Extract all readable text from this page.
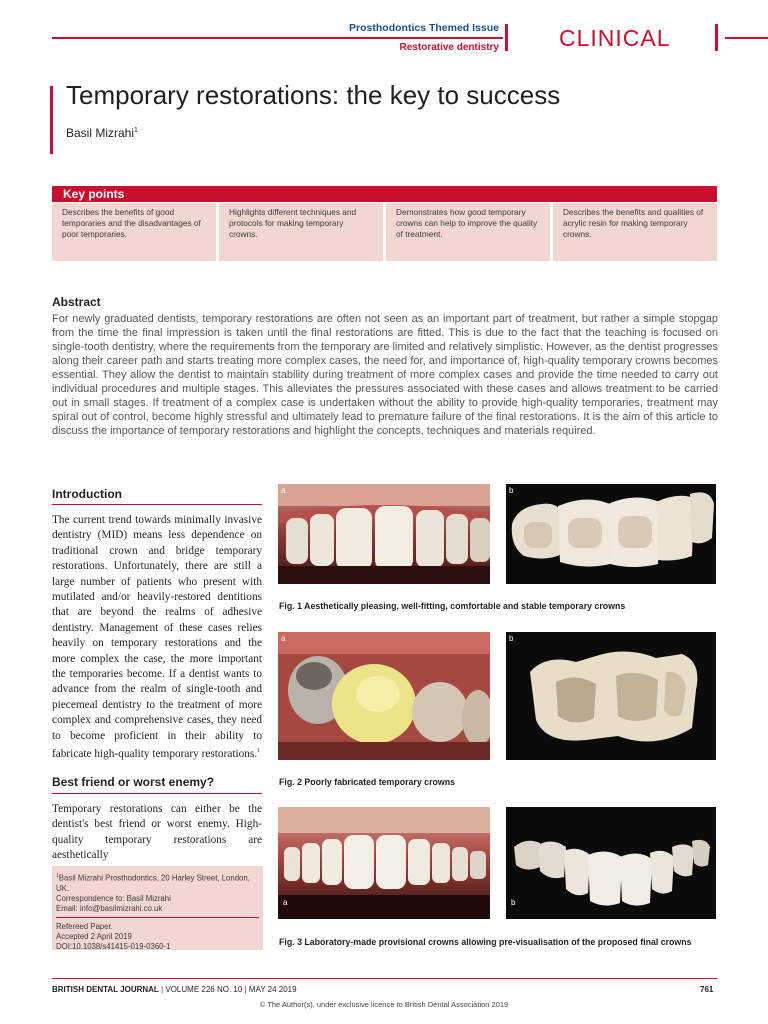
Prosthodontics Themed Issue
Restorative dentistry	CLINICAL
Temporary restorations: the key to success
Basil Mizrahi$^1$
Key points
Describes the benefits of good temporaries and the disadvantages of poor temporaries.
Highlights different techniques and protocols for making temporary crowns.
Demonstrates how good temporary crowns can help to improve the quality of treatment.
Describes the benefits and qualities of acrylic resin for making temporary crowns.
Abstract
For newly graduated dentists, temporary restorations are often not seen as an important part of treatment, but rather a simple stopgap from the time the final impression is taken until the final restorations are fitted. This is due to the fact that the teaching is focused on single-tooth dentistry, where the requirements from the temporary are limited and relatively simplistic. However, as the dentist progresses along their career path and starts treating more complex cases, the need for, and importance of, high-quality temporary crowns becomes essential. They allow the dentist to maintain stability during treatment of more complex cases and provide the time needed to carry out individual procedures and multiple stages. This alleviates the pressures associated with these cases and allows treatment to be carried out in small stages. If treatment of a complex case is undertaken without the ability to provide high-quality temporaries, treatment may spiral out of control, become highly stressful and ultimately lead to premature failure of the final restorations. It is the aim of this article to discuss the importance of temporary restorations and highlight the concepts, techniques and materials required.
Introduction
The current trend towards minimally invasive dentistry (MID) means less dependence on traditional crown and bridge temporary restorations. Unfortunately, there are still a large number of patients who present with mutilated and/or heavily-restored dentitions that are beyond the realms of adhesive dentistry. Management of these cases relies heavily on temporary restorations and the more complex the case, the more important the temporaries become. If a dentist wants to advance from the realm of single-tooth and piecemeal dentistry to the treatment of more complex and comprehensive cases, they need to become proficient in their ability to fabricate high-quality temporary restorations.$^1$
Best friend or worst enemy?
Temporary restorations can either be the dentist's best friend or worst enemy. High-quality temporary restorations are aesthetically
$^1$Basil Mizrahi Prosthodontics, 20 Harley Street, London, UK.
Correspondence to: Basil Mizrahi
Email: info@basilmizrahi.co.uk
Refereed Paper.
Accepted 2 April 2019
DOI:10.1038/s41415-019-0360-1
a	b
Fig. 1 Aesthetically pleasing, well-fitting, comfortable and stable temporary crowns
a	b
Fig. 2 Poorly fabricated temporary crowns
a	b
Fig. 3 Laboratory-made provisional crowns allowing pre-visualisation of the proposed final crowns
BRITISH DENTAL JOURNAL | VOLUME 226 NO. 10 | MAY 24 2019	761
© The Author(s), under exclusive licence to British Dental Association 2019
